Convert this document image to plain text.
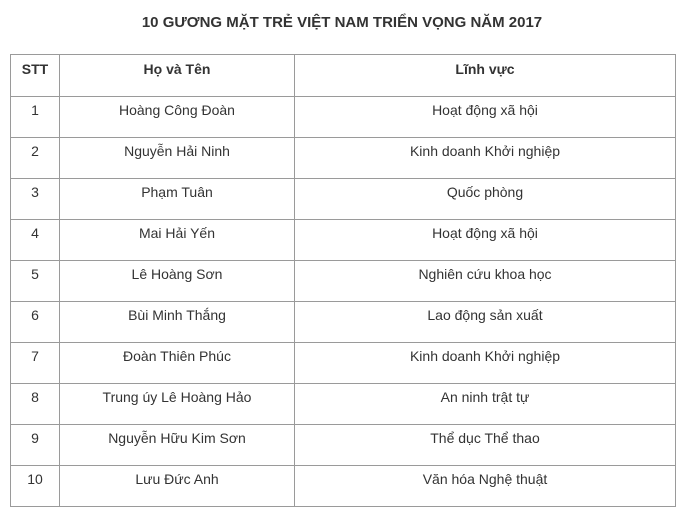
10 GƯƠNG MẶT TRẺ VIỆT NAM TRIỂN VỌNG NĂM 2017
STT	Họ và Tên	Lĩnh vực

1	Hoàng Công Đoàn	Hoạt động xã hội

2	Nguyễn Hải Ninh	Kinh doanh Khởi nghiệp

3	Phạm Tuân	Quốc phòng

4	Mai Hải Yến	Hoạt động xã hội

5	Lê Hoàng Sơn	Nghiên cứu khoa học

6	Bùi Minh Thắng	Lao động sản xuất

7	Đoàn Thiên Phúc	Kinh doanh Khởi nghiệp

8	Trung úy Lê Hoàng Hảo	An ninh trật tự

9	Nguyễn Hữu Kim Sơn	Thể dục Thể thao

10	Lưu Đức Anh	Văn hóa Nghệ thuật
